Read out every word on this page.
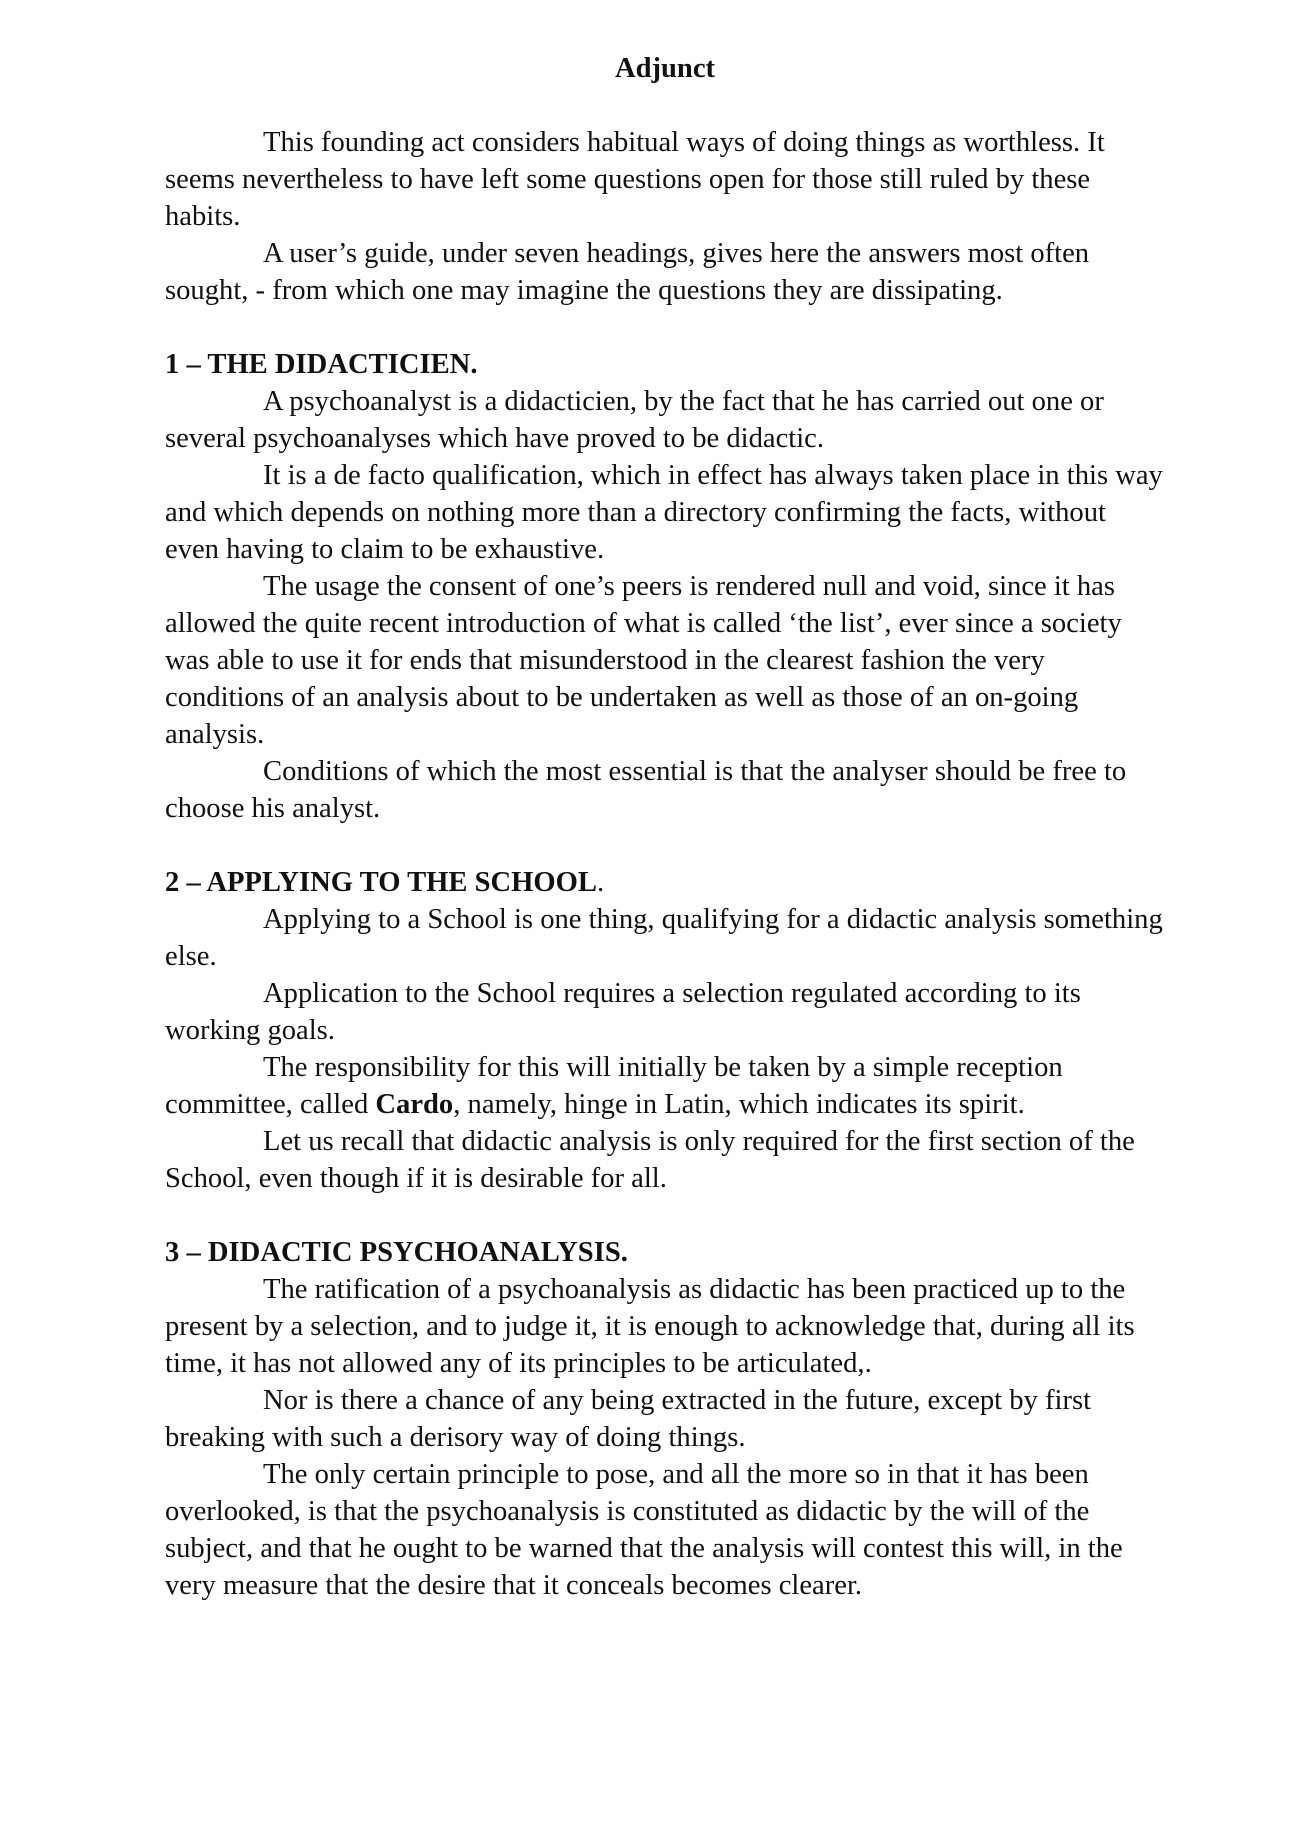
Adjunct

This founding act considers habitual ways of doing things as worthless. It seems nevertheless to have left some questions open for those still ruled by these habits.

A user’s guide, under seven headings, gives here the answers most often sought, - from which one may imagine the questions they are dissipating.

1 – THE DIDACTICIEN.

A psychoanalyst is a didacticien, by the fact that he has carried out one or several psychoanalyses which have proved to be didactic.

It is a de facto qualification, which in effect has always taken place in this way and which depends on nothing more than a directory confirming the facts, without even having to claim to be exhaustive.

The usage the consent of one’s peers is rendered null and void, since it has allowed the quite recent introduction of what is called ‘the list’, ever since a society was able to use it for ends that misunderstood in the clearest fashion the very conditions of an analysis about to be undertaken as well as those of an on-going analysis.

Conditions of which the most essential is that the analyser should be free to choose his analyst.

2 – APPLYING TO THE SCHOOL.

Applying to a School is one thing, qualifying for a didactic analysis something else.

Application to the School requires a selection regulated according to its working goals.

The responsibility for this will initially be taken by a simple reception committee, called Cardo, namely, hinge in Latin, which indicates its spirit.

Let us recall that didactic analysis is only required for the first section of the School, even though if it is desirable for all.

3 – DIDACTIC PSYCHOANALYSIS.

The ratification of a psychoanalysis as didactic has been practiced up to the present by a selection, and to judge it, it is enough to acknowledge that, during all its time, it has not allowed any of its principles to be articulated,.

Nor is there a chance of any being extracted in the future, except by first breaking with such a derisory way of doing things.

The only certain principle to pose, and all the more so in that it has been overlooked, is that the psychoanalysis is constituted as didactic by the will of the subject, and that he ought to be warned that the analysis will contest this will, in the very measure that the desire that it conceals becomes clearer.
